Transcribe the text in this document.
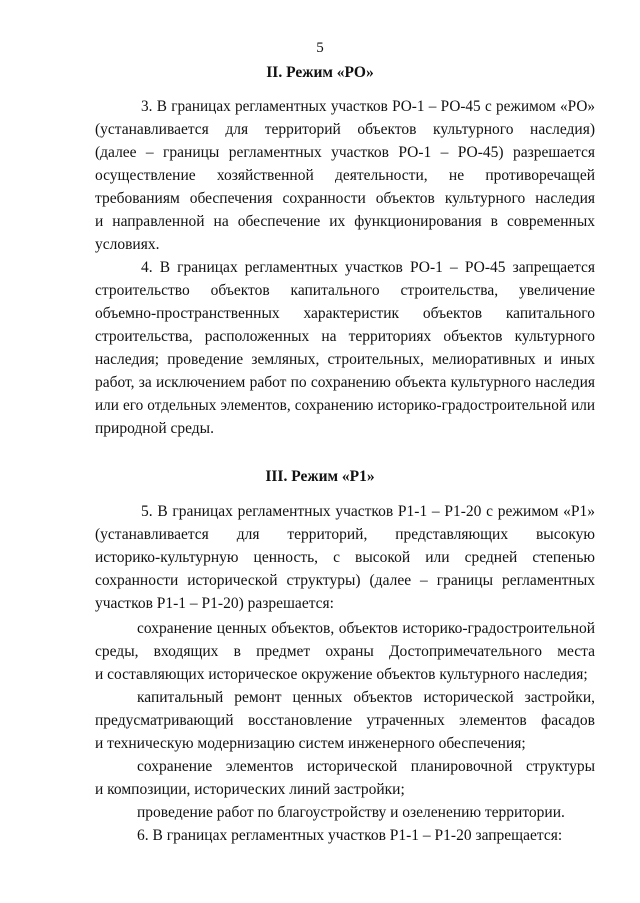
5
II. Режим «РО»
3. В границах регламентных участков РО-1 – РО-45 с режимом «РО»
(устанавливается для территорий объектов культурного наследия)
(далее – границы регламентных участков РО-1 – РО-45) разрешается
осуществление хозяйственной деятельности, не противоречащей
требованиям обеспечения сохранности объектов культурного наследия
и направленной на обеспечение их функционирования в современных
условиях.
4. В границах регламентных участков РО-1 – РО-45 запрещается
строительство объектов капитального строительства, увеличение
объемно-пространственных характеристик объектов капитального
строительства, расположенных на территориях объектов культурного
наследия; проведение земляных, строительных, мелиоративных и иных
работ, за исключением работ по сохранению объекта культурного наследия
или его отдельных элементов, сохранению историко-градостроительной или
природной среды.
III. Режим «Р1»
5. В границах регламентных участков Р1-1 – Р1-20 с режимом «Р1»
(устанавливается для территорий, представляющих высокую
историко-культурную ценность, с высокой или средней степенью
сохранности исторической структуры) (далее – границы регламентных
участков Р1-1 – Р1-20) разрешается:
сохранение ценных объектов, объектов историко-градостроительной
среды, входящих в предмет охраны Достопримечательного места
и составляющих историческое окружение объектов культурного наследия;
капитальный ремонт ценных объектов исторической застройки,
предусматривающий восстановление утраченных элементов фасадов
и техническую модернизацию систем инженерного обеспечения;
сохранение элементов исторической планировочной структуры
и композиции, исторических линий застройки;
проведение работ по благоустройству и озеленению территории.
6. В границах регламентных участков Р1-1 – Р1-20 запрещается:
